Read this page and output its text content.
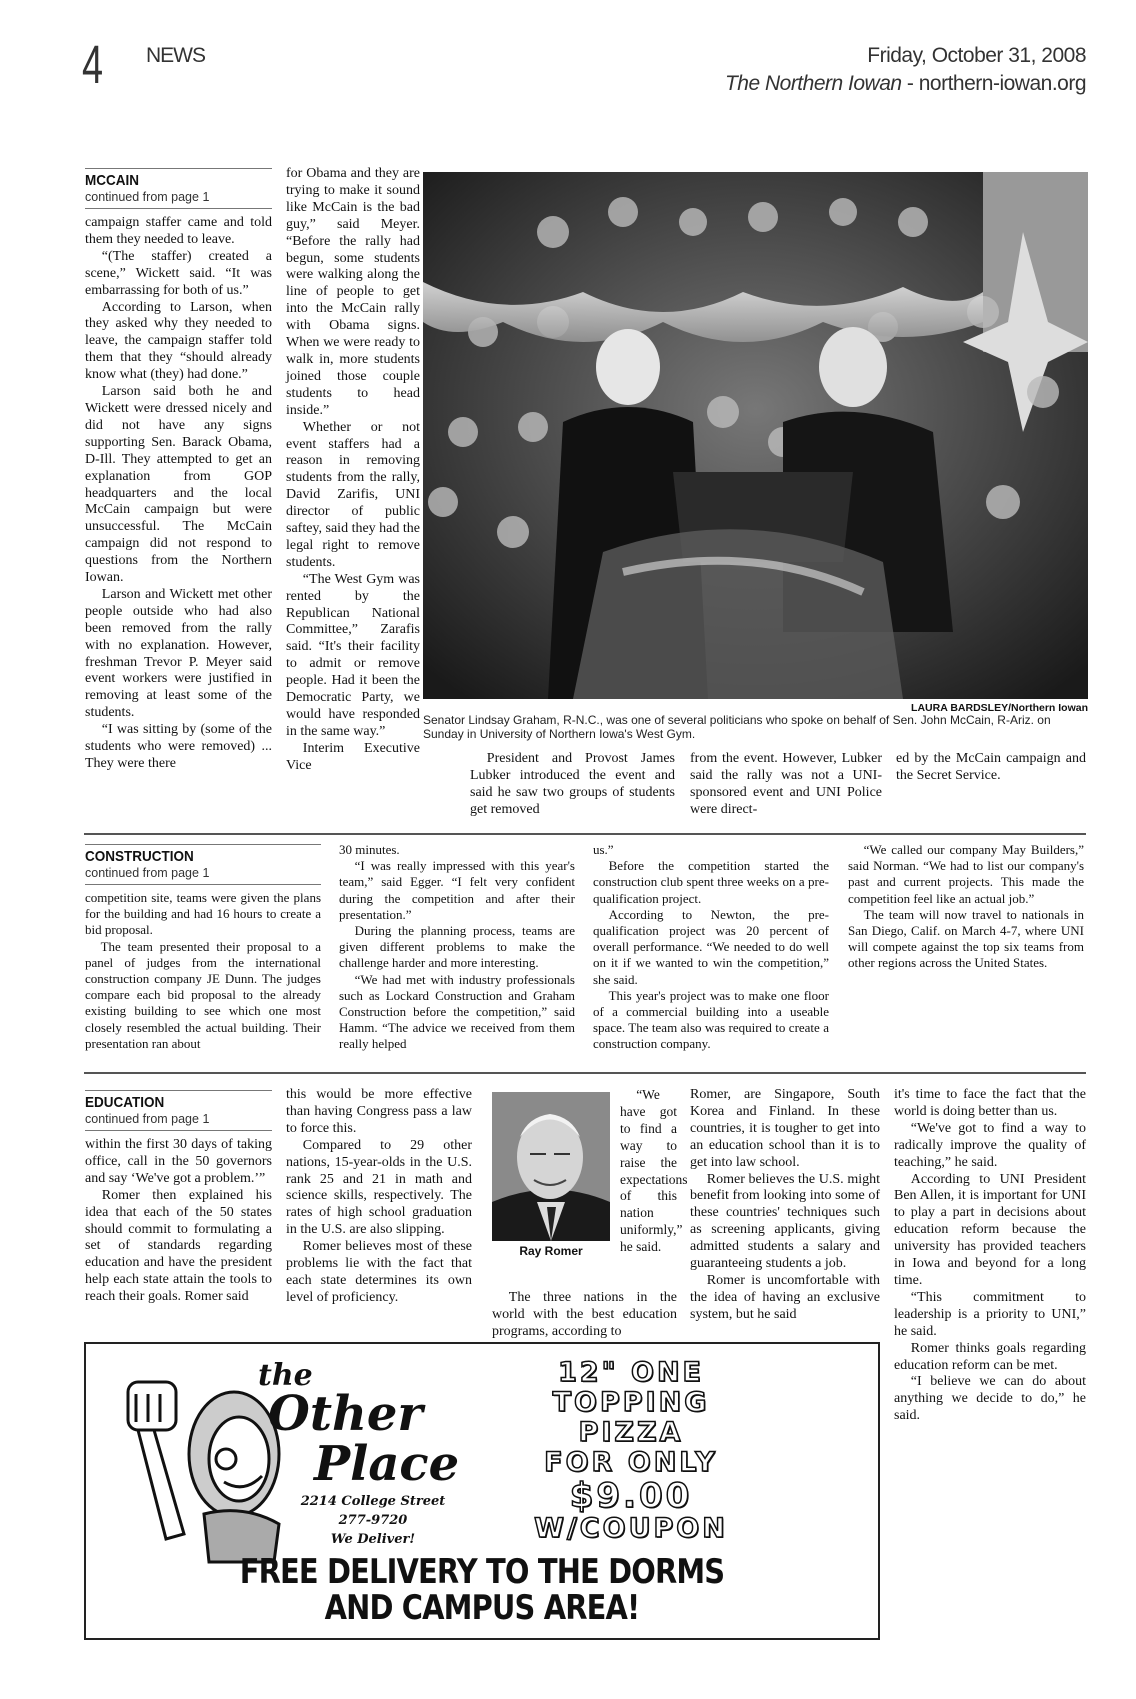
4 NEWS	Friday, October 31, 2008
The Northern Iowan - northern-iowan.org
MCCAIN
continued from page 1

campaign staffer came and told them they needed to leave.

“(The staffer) created a scene,” Wickett said. “It was embarrassing for both of us.”

According to Larson, when they asked why they needed to leave, the campaign staffer told them that they “should already know what (they) had done.”

Larson said both he and Wickett were dressed nicely and did not have any signs supporting Sen. Barack Obama, D-Ill. They attempted to get an explanation from GOP headquarters and the local McCain campaign but were unsuccessful. The McCain campaign did not respond to questions from the Northern Iowan.

Larson and Wickett met other people outside who had also been removed from the rally with no explanation. However, freshman Trevor P. Meyer said event workers were justified in removing at least some of the students.

“I was sitting by (some of the students who were removed) ... They were there

for Obama and they are trying to make it sound like McCain is the bad guy,” said Meyer. “Before the rally had begun, some students were walking along the line of people to get into the McCain rally with Obama signs. When we were ready to walk in, more students joined those couple students to head inside.”

Whether or not event staffers had a reason in removing students from the rally, David Zarifis, UNI director of public saftey, said they had the legal right to remove students.

“The West Gym was rented by the Republican National Committee,” Zarafis said. “It's their facility to admit or remove people. Had it been the Democratic Party, we would have responded in the same way.”

Interim Executive Vice

LAURA BARDSLEY/Northern Iowan
Senator Lindsay Graham, R-N.C., was one of several politicians who spoke on behalf of Sen. John McCain, R-Ariz. on Sunday in University of Northern Iowa's West Gym.

President and Provost James Lubker introduced the event and said he saw two groups of students get removed

from the event. However, Lubker said the rally was not a UNI-sponsored event and UNI Police were direct-

ed by the McCain campaign and the Secret Service.

CONSTRUCTION
continued from page 1

competition site, teams were given the plans for the building and had 16 hours to create a bid proposal.

The team presented their proposal to a panel of judges from the international construction company JE Dunn. The judges compare each bid proposal to the already existing building to see which one most closely resembled the actual building. Their presentation ran about

30 minutes.

“I was really impressed with this year's team,” said Egger. “I felt very confident during the competition and after their presentation.”

During the planning process, teams are given different problems to make the challenge harder and more interesting.

“We had met with industry professionals such as Lockard Construction and Graham Construction before the competition,” said Hamm. “The advice we received from them really helped

us.”

Before the competition started the construction club spent three weeks on a pre-qualification project.

According to Newton, the pre-qualification project was 20 percent of overall performance. “We needed to do well on it if we wanted to win the competition,” she said.

This year's project was to make one floor of a commercial building into a useable space. The team also was required to create a construction company.

“We called our company May Builders,” said Norman. “We had to list our company's past and current projects. This made the competition feel like an actual job.”

The team will now travel to nationals in San Diego, Calif. on March 4-7, where UNI will compete against the top six teams from other regions across the United States.

EDUCATION
continued from page 1

within the first 30 days of taking office, call in the 50 governors and say ‘We've got a problem.’”

Romer then explained his idea that each of the 50 states should commit to formulating a set of standards regarding education and have the president help each state attain the tools to reach their goals. Romer said

this would be more effective than having Congress pass a law to force this.

Compared to 29 other nations, 15-year-olds in the U.S. rank 25 and 21 in math and science skills, respectively. The rates of high school graduation in the U.S. are also slipping.

Romer believes most of these problems lie with the fact that each state determines its own level of proficiency.

Ray Romer

“We have got to find a way to raise the expectations of this nation uniformly,” he said.

Romer, are Singapore, South Korea and Finland. In these countries, it is tougher to get into an education school than it is to get into law school.

Romer believes the U.S. might benefit from looking into some of these countries' techniques such as screening applicants, giving admitted students a salary and guaranteeing students a job.

Romer is uncomfortable with the idea of having an exclusive system, but he said

it's time to face the fact that the world is doing better than us.

“We've got to find a way to radically improve the quality of teaching,” he said.

According to UNI President Ben Allen, it is important for UNI to play a part in decisions about education reform because the university has provided teachers in Iowa and beyond for a long time.

“This commitment to leadership is a priority to UNI,” he said.

Romer thinks goals regarding education reform can be met.

“I believe we can do about anything we decide to do,” he said.

the
Other
Place
2214 College Street
277-9720
We Deliver!
12" ONE
TOPPING
PIZZA
FOR ONLY
$9.00
W/COUPON
FREE DELIVERY TO THE DORMS
AND CAMPUS AREA!

The three nations in the world with the best education programs, according to
